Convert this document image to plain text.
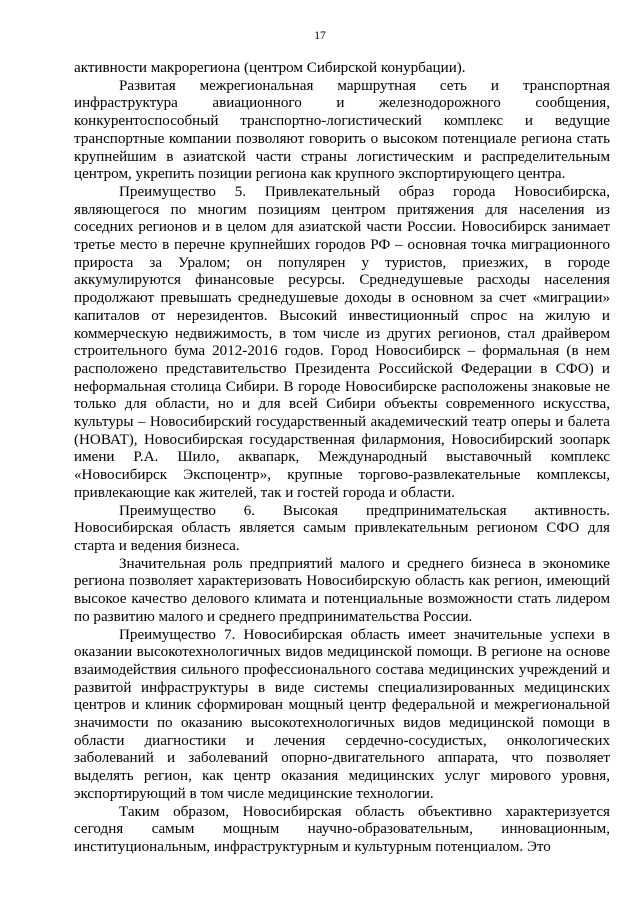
17

активности макрорегиона (центром Сибирской конурбации).

Развитая межрегиональная маршрутная сеть и транспортная инфраструктура авиационного и железнодорожного сообщения, конкурентоспособный транспортно-логистический комплекс и ведущие транспортные компании позволяют говорить о высоком потенциале региона стать крупнейшим в азиатской части страны логистическим и распределительным центром, укрепить позиции региона как крупного экспортирующего центра.

Преимущество 5. Привлекательный образ города Новосибирска, являющегося по многим позициям центром притяжения для населения из соседних регионов и в целом для азиатской части России. Новосибирск занимает третье место в перечне крупнейших городов РФ – основная точка миграционного прироста за Уралом; он популярен у туристов, приезжих, в городе аккумулируются финансовые ресурсы. Среднедушевые расходы населения продолжают превышать среднедушевые доходы в основном за счет «миграции» капиталов от нерезидентов. Высокий инвестиционный спрос на жилую и коммерческую недвижимость, в том числе из других регионов, стал драйвером строительного бума 2012-2016 годов. Город Новосибирск – формальная (в нем расположено представительство Президента Российской Федерации в СФО) и неформальная столица Сибири. В городе Новосибирске расположены знаковые не только для области, но и для всей Сибири объекты современного искусства, культуры – Новосибирский государственный академический театр оперы и балета (НОВАТ), Новосибирская государственная филармония, Новосибирский зоопарк имени Р.А. Шило, аквапарк, Международный выставочный комплекс «Новосибирск Экспоцентр», крупные торгово-развлекательные комплексы, привлекающие как жителей, так и гостей города и области.

Преимущество 6. Высокая предпринимательская активность. Новосибирская область является самым привлекательным регионом СФО для старта и ведения бизнеса.

Значительная роль предприятий малого и среднего бизнеса в экономике региона позволяет характеризовать Новосибирскую область как регион, имеющий высокое качество делового климата и потенциальные возможности стать лидером по развитию малого и среднего предпринимательства России.

Преимущество 7. Новосибирская область имеет значительные успехи в оказании высокотехнологичных видов медицинской помощи. В регионе на основе взаимодействия сильного профессионального состава медицинских учреждений и развитой инфраструктуры в виде системы специализированных медицинских центров и клиник сформирован мощный центр федеральной и межрегиональной значимости по оказанию высокотехнологичных видов медицинской помощи в области диагностики и лечения сердечно-сосудистых, онкологических заболеваний и заболеваний опорно-двигательного аппарата, что позволяет выделять регион, как центр оказания медицинских услуг мирового уровня, экспортирующий в том числе медицинские технологии.

Таким образом, Новосибирская область объективно характеризуется сегодня самым мощным научно-образовательным, инновационным, институциональным, инфраструктурным и культурным потенциалом. Это
